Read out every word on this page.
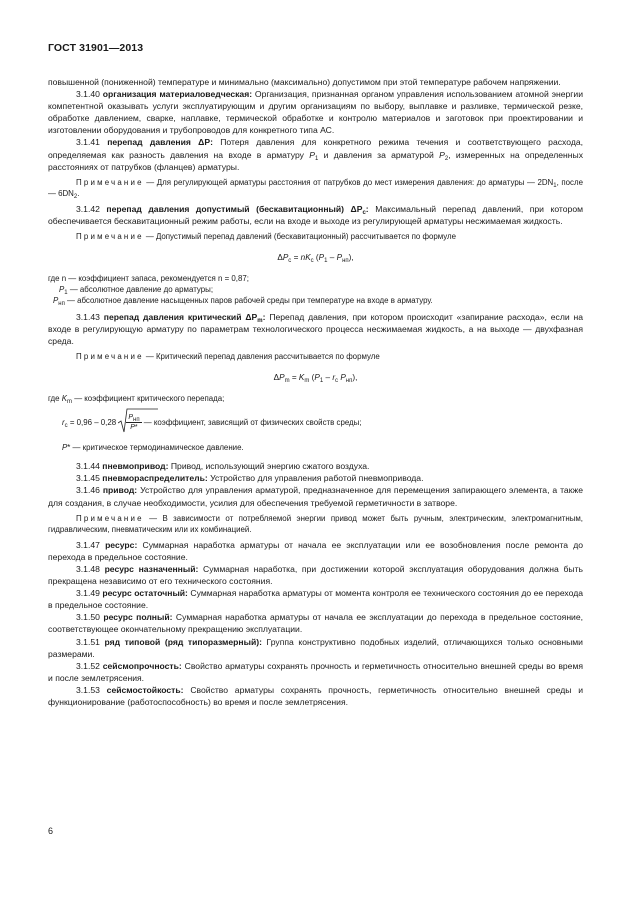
ГОСТ 31901—2013

повышенной (пониженной) температуре и минимально (максимально) допустимом при этой температуре рабочем напряжении.

3.1.40 организация материаловедческая: Организация, признанная органом управления использованием атомной энергии компетентной оказывать услуги эксплуатирующим и другим организациям по выбору, выплавке и разливке, термической резке, обработке давлением, сварке, наплавке, термической обработке и контролю материалов и заготовок при проектировании и изготовлении оборудования и трубопроводов для конкретного типа АС.

3.1.41 перепад давления ΔP: Потеря давления для конкретного режима течения и соответствующего расхода, определяемая как разность давления на входе в арматуру $P_1$ и давления за арматурой $P_2$, измеренных на определенных расстояниях от патрубков (фланцев) арматуры.

Примечание — Для регулирующей арматуры расстояния от патрубков до мест измерения давления: до арматуры — $2DN_1$, после — $6DN_2$.

3.1.42 перепад давления допустимый (бескавитационный) $\Delta P_c$: Максимальный перепад давлений, при котором обеспечивается бескавитационный режим работы, если на входе и выходе из регулирующей арматуры несжимаемая жидкость.

Примечание — Допустимый перепад давлений (бескавитационный) рассчитывается по формуле

$\Delta P_c = nK_c$ $(P_1 - P_{нп})$,
где n — коэффициент запаса, рекомендуется n = 0,87;
$P_1$ — абсолютное давление до арматуры;
$P_{нп}$ — абсолютное давление насыщенных паров рабочей среды при температуре на входе в арматуру.

3.1.43 перепад давления критический $\Delta P_m$: Перепад давления, при котором происходит «запирание расхода», если на входе в регулирующую арматуру по параметрам технологического процесса несжимаемая жидкость, а на выходе — двухфазная среда.

Примечание — Критический перепад давления рассчитывается по формуле

$\Delta P_m = K_m$ ($P_1 - r_c$ $P_{нп}$),
где $K_m$ — коэффициент критического перепада;
$r_c = 0,96 - 0,28 \frac{P_{нп}}{P*}$ — коэффициент, зависящий от физических свойств среды;
P* — критическое термодинамическое давление.

3.1.44 пневмопривод: Привод, использующий энергию сжатого воздуха.

3.1.45 пневмораспределитель: Устройство для управления работой пневмопривода.

3.1.46 привод: Устройство для управления арматурой, предназначенное для перемещения запирающего элемента, а также для создания, в случае необходимости, усилия для обеспечения требуемой герметичности в затворе.

Примечание — В зависимости от потребляемой энергии привод может быть ручным, электрическим, электромагнитным, гидравлическим, пневматическим или их комбинацией.

3.1.47 ресурс: Суммарная наработка арматуры от начала ее эксплуатации или ее возобновления после ремонта до перехода в предельное состояние.

3.1.48 ресурс назначенный: Суммарная наработка, при достижении которой эксплуатация оборудования должна быть прекращена независимо от его технического состояния.

3.1.49 ресурс остаточный: Суммарная наработка арматуры от момента контроля ее технического состояния до ее перехода в предельное состояние.

3.1.50 ресурс полный: Суммарная наработка арматуры от начала ее эксплуатации до перехода в предельное состояние, соответствующее окончательному прекращению эксплуатации.

3.1.51 ряд типовой (ряд типоразмерный): Группа конструктивно подобных изделий, отличающихся только основными размерами.

3.1.52 сейсмопрочность: Свойство арматуры сохранять прочность и герметичность относительно внешней среды во время и после землетрясения.

3.1.53 сейсмостойкость: Свойство арматуры сохранять прочность, герметичность относительно внешней среды и функционирование (работоспособность) во время и после землетрясения.

6
